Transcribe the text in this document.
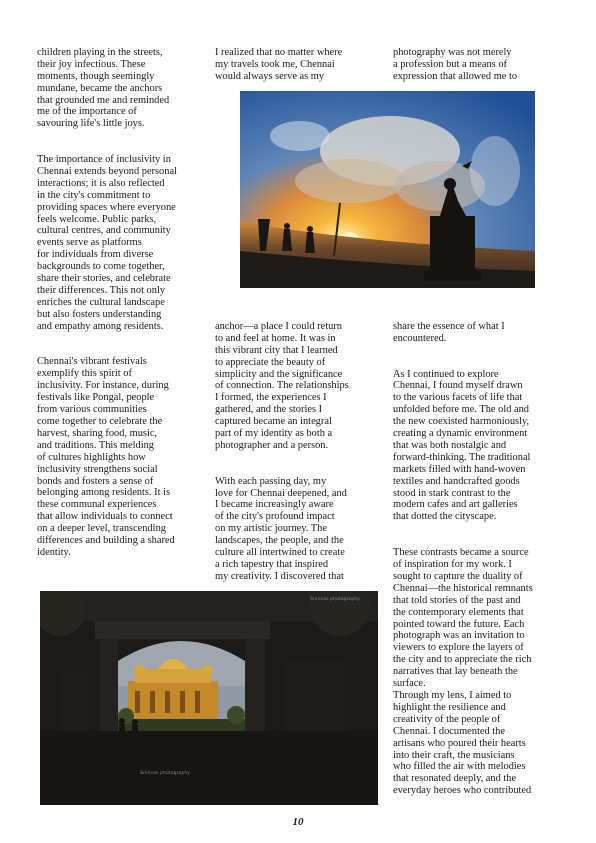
children playing in the streets,
their joy infectious. These
moments, though seemingly
mundane, became the anchors
that grounded me and reminded
me of the importance of
savouring life's little joys.

The importance of inclusivity in
Chennai extends beyond personal
interactions; it is also reflected
in the city's commitment to
providing spaces where everyone
feels welcome. Public parks,
cultural centres, and community
events serve as platforms
for individuals from diverse
backgrounds to come together,
share their stories, and celebrate
their differences. This not only
enriches the cultural landscape
but also fosters understanding
and empathy among residents.

Chennai's vibrant festivals
exemplify this spirit of
inclusivity. For instance, during
festivals like Pongal, people
from various communities
come together to celebrate the
harvest, sharing food, music,
and traditions. This melding
of cultures highlights how
inclusivity strengthens social
bonds and fosters a sense of
belonging among residents. It is
these communal experiences
that allow individuals to connect
on a deeper level, transcending
differences and building a shared
identity.

I realized that no matter where
my travels took me, Chennai
would always serve as my

photography was not merely
a profession but a means of
expression that allowed me to

anchor—a place I could return
to and feel at home. It was in
this vibrant city that I learned
to appreciate the beauty of
simplicity and the significance
of connection. The relationships
I formed, the experiences I
gathered, and the stories I
captured became an integral
part of my identity as both a
photographer and a person.

With each passing day, my
love for Chennai deepened, and
I became increasingly aware
of the city's profound impact
on my artistic journey. The
landscapes, the people, and the
culture all intertwined to create
a rich tapestry that inspired
my creativity. I discovered that

share the essence of what I
encountered.

As I continued to explore
Chennai, I found myself drawn
to the various facets of life that
unfolded before me. The old and
the new coexisted harmoniously,
creating a dynamic environment
that was both nostalgic and
forward-thinking. The traditional
markets filled with hand-woven
textiles and handcrafted goods
stood in stark contrast to the
modern cafes and art galleries
that dotted the cityscape.

These contrasts became a source
of inspiration for my work. I
sought to capture the duality of
Chennai—the historical remnants
that told stories of the past and
the contemporary elements that
pointed toward the future. Each
photograph was an invitation to
viewers to explore the layers of
the city and to appreciate the rich
narratives that lay beneath the
surface.
Through my lens, I aimed to
highlight the resilience and
creativity of the people of
Chennai. I documented the
artisans who poured their hearts
into their craft, the musicians
who filled the air with melodies
that resonated deeply, and the
everyday heroes who contributed

Srinivas photography
Srinivas photography
10
